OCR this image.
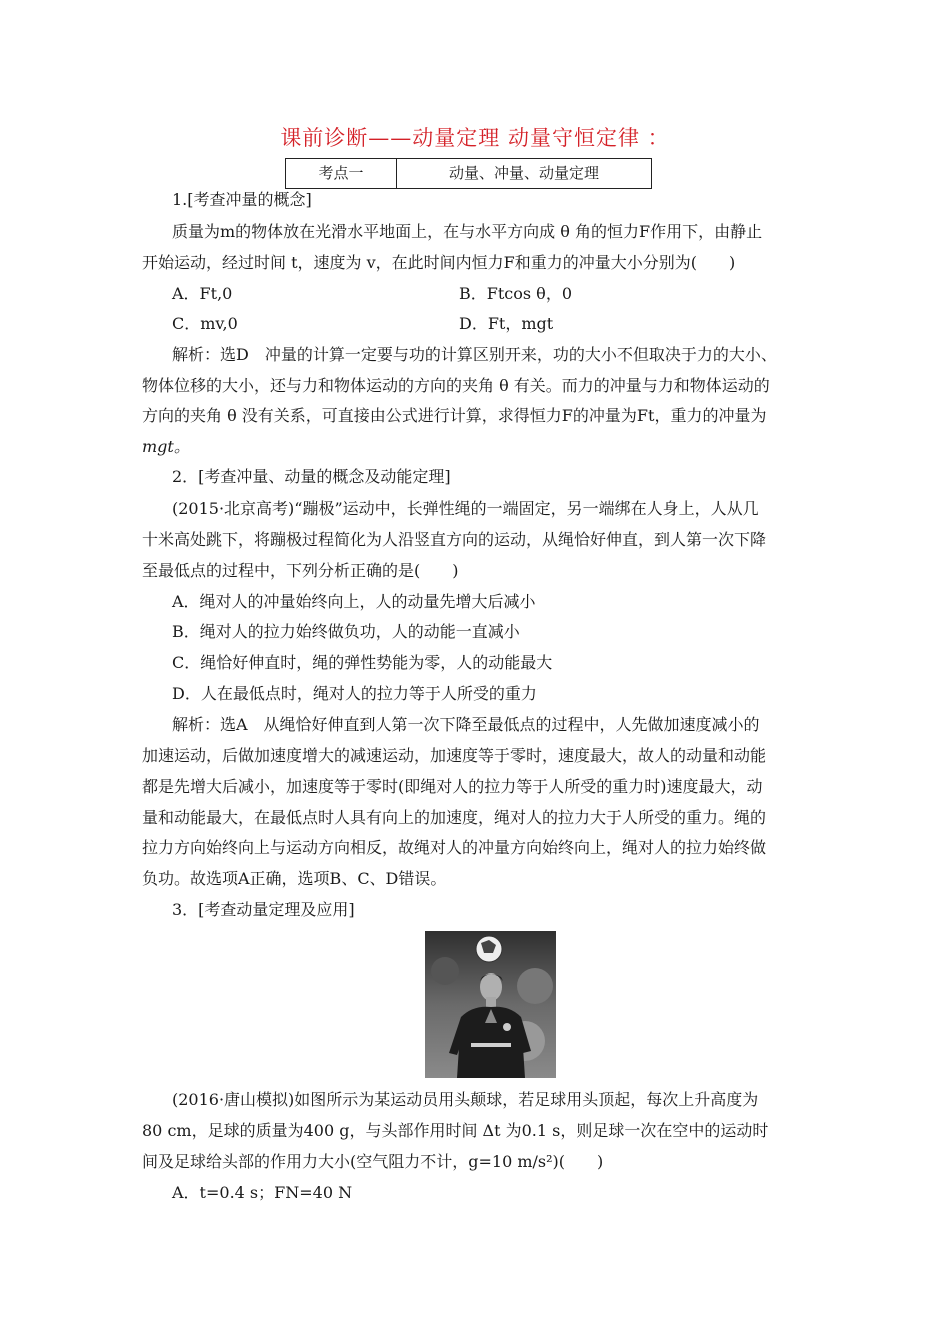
课前诊断——动量定理 动量守恒定律 ：
考点一	动量、冲量、动量定理
1.[考查冲量的概念]
质量为m的物体放在光滑水平地面上，在与水平方向成 θ 角的恒力F作用下，由静止
开始运动，经过时间 t，速度为 v，在此时间内恒力F和重力的冲量大小分别为(　　)
A．Ft,0	B．Ftcos θ，0
C．mv,0	D．Ft，mgt
解析：选D　冲量的计算一定要与功的计算区别开来，功的大小不但取决于力的大小、
物体位移的大小，还与力和物体运动的方向的夹角 θ 有关。而力的冲量与力和物体运动的
方向的夹角 θ 没有关系，可直接由公式进行计算，求得恒力F的冲量为Ft，重力的冲量为
mgt。
2．[考查冲量、动量的概念及动能定理]
(2015·北京高考)“蹦极”运动中，长弹性绳的一端固定，另一端绑在人身上，人从几
十米高处跳下，将蹦极过程简化为人沿竖直方向的运动，从绳恰好伸直，到人第一次下降
至最低点的过程中，下列分析正确的是(　　)
A．绳对人的冲量始终向上，人的动量先增大后减小
B．绳对人的拉力始终做负功，人的动能一直减小
C．绳恰好伸直时，绳的弹性势能为零，人的动能最大
D．人在最低点时，绳对人的拉力等于人所受的重力
解析：选A　从绳恰好伸直到人第一次下降至最低点的过程中，人先做加速度减小的
加速运动，后做加速度增大的减速运动，加速度等于零时，速度最大，故人的动量和动能
都是先增大后减小，加速度等于零时(即绳对人的拉力等于人所受的重力时)速度最大，动
量和动能最大，在最低点时人具有向上的加速度，绳对人的拉力大于人所受的重力。绳的
拉力方向始终向上与运动方向相反，故绳对人的冲量方向始终向上，绳对人的拉力始终做
负功。故选项A正确，选项B、C、D错误。
3．[考查动量定理及应用]
(2016·唐山模拟)如图所示为某运动员用头颠球，若足球用头顶起，每次上升高度为
80 cm，足球的质量为400 g，与头部作用时间 Δt 为0.1 s，则足球一次在空中的运动时
间及足球给头部的作用力大小(空气阻力不计，g=10 m/s²)(　　)
A．t=0.4 s；FN=40 N
